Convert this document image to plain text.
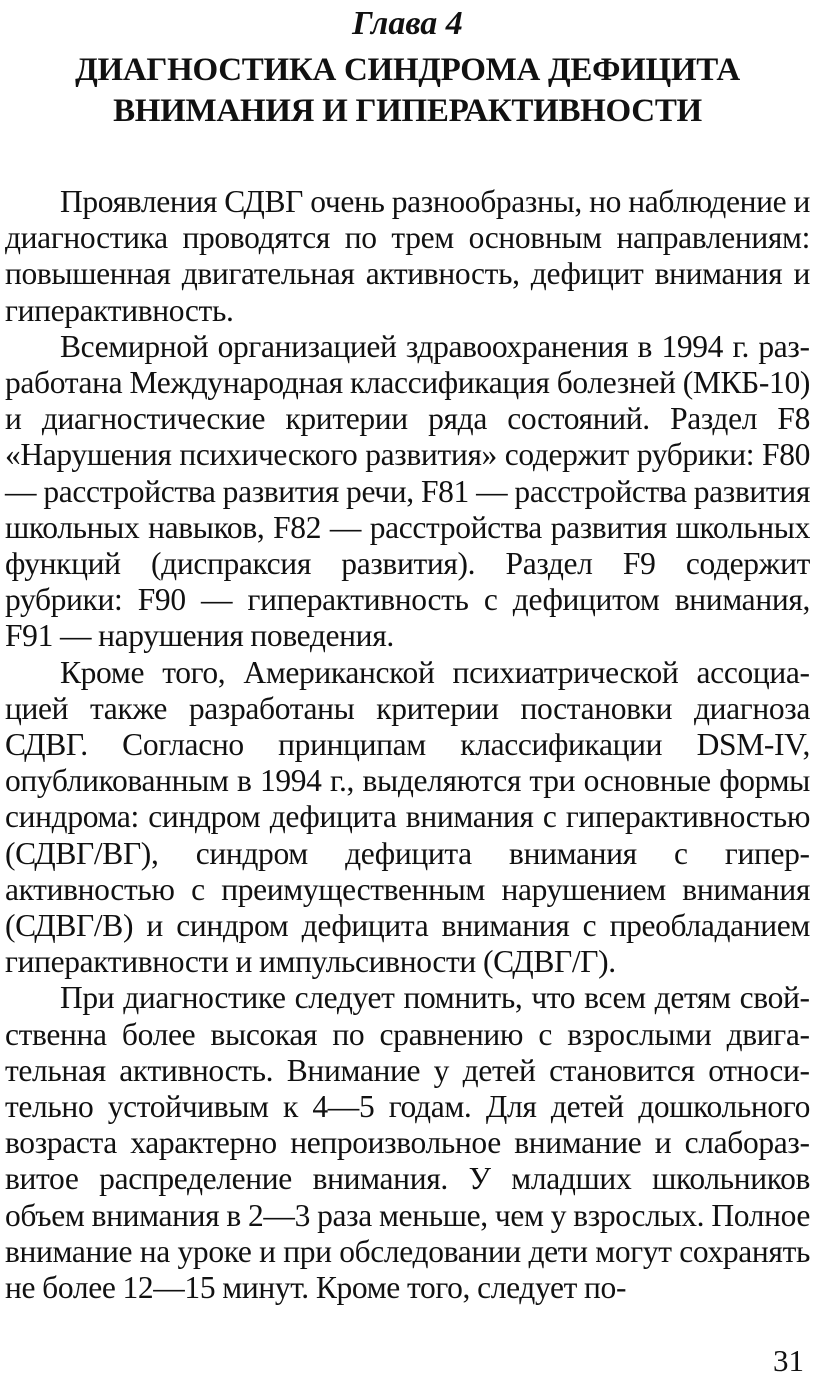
Глава 4
ДИАГНОСТИКА СИНДРОМА ДЕФИЦИТА
ВНИМАНИЯ И ГИПЕРАКТИВНОСТИ

Проявления СДВГ очень разнообразны, но наблюдение и диагностика проводятся по трем основным направлениям: повышенная двигательная активность, дефицит внимания и гиперактивность.

Всемирной организацией здравоохранения в 1994 г. разработана Международная классификация болезней (МКБ-10) и диагностические критерии ряда состояний. Раздел F8 «Нарушения психического развития» содержит рубрики: F80 — расстройства развития речи, F81 — расстройства развития школьных навыков, F82 — расстройства развития школьных функций (диспраксия развития). Раздел F9 содержит рубрики: F90 — гиперактивность с дефицитом внимания, F91 — нарушения поведения.

Кроме того, Американской психиатрической ассоциацией также разработаны критерии постановки диагноза СДВГ. Согласно принципам классификации DSM-IV, опубликованным в 1994 г., выделяются три основные формы синдрома: синдром дефицита внимания с гиперактивностью (СДВГ/ВГ), синдром дефицита внимания с гиперактивностью с преимущественным нарушением внимания (СДВГ/В) и синдром дефицита внимания с преобладанием гиперактивности и импульсивности (СДВГ/Г).

При диагностике следует помнить, что всем детям свойственна более высокая по сравнению с взрослыми двигательная активность. Внимание у детей становится относительно устойчивым к 4—5 годам. Для детей дошкольного возраста характерно непроизвольное внимание и слаборазвитое распределение внимания. У младших школьников объем внимания в 2—3 раза меньше, чем у взрослых. Полное внимание на уроке и при обследовании дети могут сохранять не более 12—15 минут. Кроме того, следует по-

31
